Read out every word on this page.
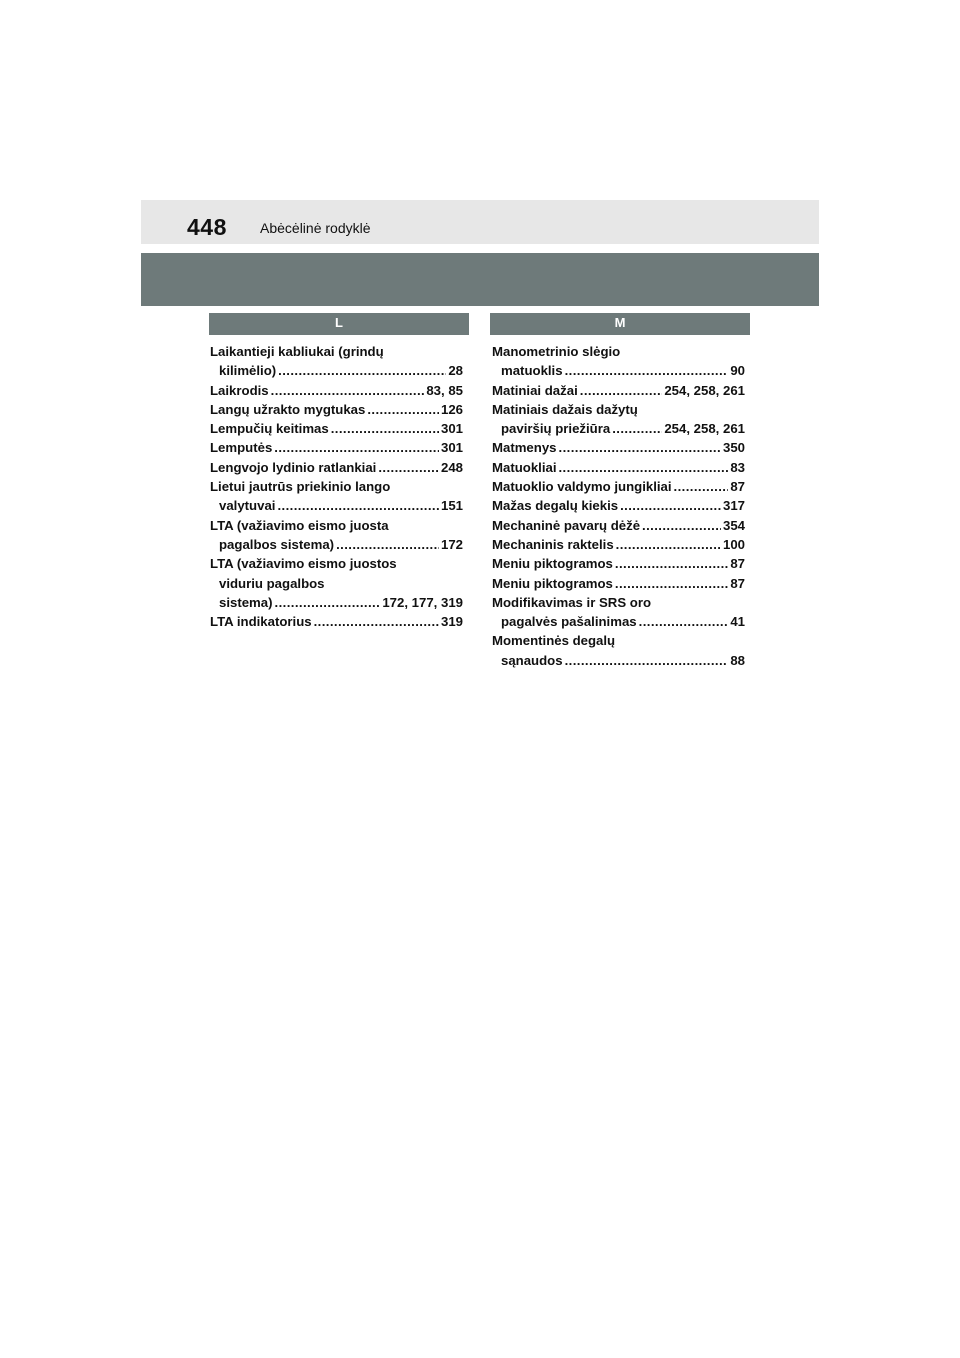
448 Abėcėlinė rodyklė
L	M
Laikantieji kabliukai (grindų
kilimėlio) .....	28
Laikrodis .....	83, 85
Langų užrakto mygtukas .....	126
Lempučių keitimas .....	301
Lemputės .....	301
Lengvojo lydinio ratlankiai .....	248
Lietui jautrūs priekinio lango
valytuvai .....	151
LTA (važiavimo eismo juosta
pagalbos sistema) .....	172
LTA (važiavimo eismo juostos
viduriu pagalbos
sistema) .....	172, 177, 319
LTA indikatorius .....	319
Manometrinio slėgio
matuoklis .....	90
Matiniai dažai .....	254, 258, 261
Matiniais dažais dažytų
paviršių priežiūra .....	254, 258, 261
Matmenys .....	350
Matuokliai .....	83
Matuoklio valdymo jungikliai .....	87
Mažas degalų kiekis .....	317
Mechaninė pavarų dėžė .....	354
Mechaninis raktelis .....	100
Meniu piktogramos .....	87
Meniu piktogramos .....	87
Modifikavimas ir SRS oro
pagalvės pašalinimas .....	41
Momentinės degalų
sąnaudos .....	88
